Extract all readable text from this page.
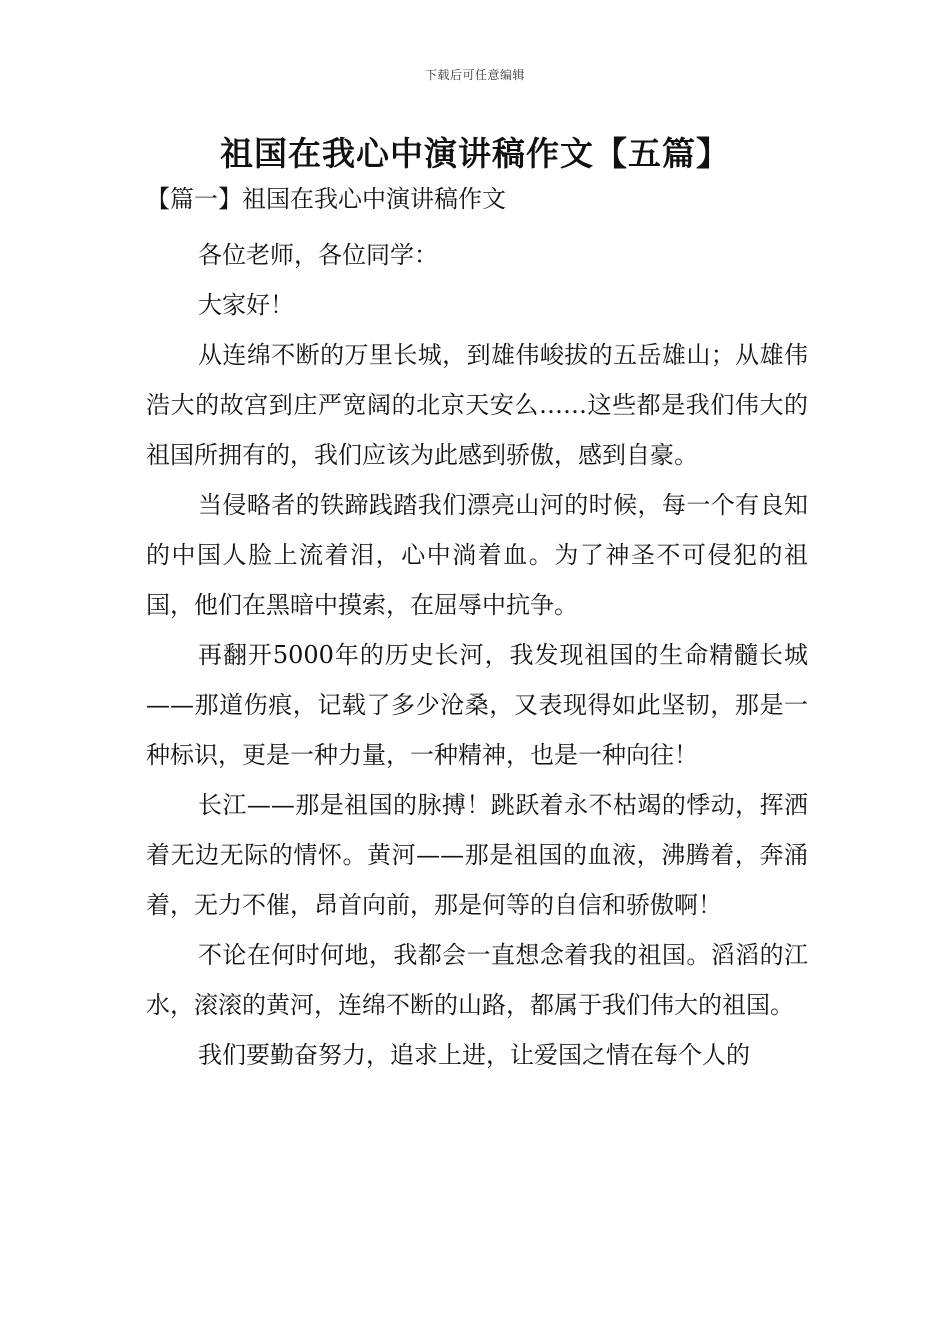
下载后可任意编辑
祖国在我心中演讲稿作文【五篇】
【篇一】祖国在我心中演讲稿作文

各位老师，各位同学：

大家好！

从连绵不断的万里长城，到雄伟峻拔的五岳雄山；从雄伟浩大的故宫到庄严宽阔的北京天安么……这些都是我们伟大的祖国所拥有的，我们应该为此感到骄傲，感到自豪。

当侵略者的铁蹄践踏我们漂亮山河的时候，每一个有良知的中国人脸上流着泪，心中淌着血。为了神圣不可侵犯的祖国，他们在黑暗中摸索，在屈辱中抗争。

再翻开5000年的历史长河，我发现祖国的生命精髓长城——那道伤痕，记载了多少沧桑，又表现得如此坚韧，那是一种标识，更是一种力量，一种精神，也是一种向往！

长江——那是祖国的脉搏！跳跃着永不枯竭的悸动，挥洒着无边无际的情怀。黄河——那是祖国的血液，沸腾着，奔涌着，无力不催，昂首向前，那是何等的自信和骄傲啊！

不论在何时何地，我都会一直想念着我的祖国。滔滔的江水，滚滚的黄河，连绵不断的山路，都属于我们伟大的祖国。

我们要勤奋努力，追求上进，让爱国之情在每个人的
